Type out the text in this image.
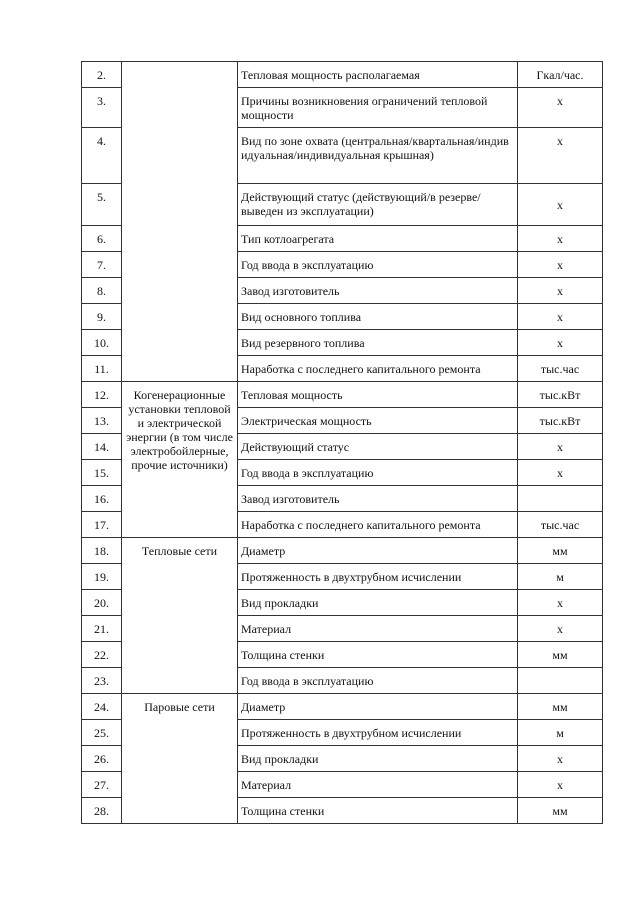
2.		Тепловая мощность располагаемая	Гкал/час.
3.		Причины возникновения ограничений тепловой мощности	х
4.		Вид по зоне охвата (центральная/квартальная/индивидуальная/индивидуальная крышная)	х
5.		Действующий статус (действующий/в резерве/выведен из эксплуатации)	х
6.		Тип котлоагрегата	х
7.		Год ввода в эксплуатацию	х
8.		Завод изготовитель	х
9.		Вид основного топлива	х
10.		Вид резервного топлива	х
11.		Наработка с последнего капитального ремонта	тыс.час
12.	Когенерационные установки тепловой и электрической энергии (в том числе электробойлерные, прочие источники)	Тепловая мощность	тыс.кВт
13.		Электрическая мощность	тыс.кВт
14.		Действующий статус	х
15.		Год ввода в эксплуатацию	х
16.		Завод изготовитель	
17.		Наработка с последнего капитального ремонта	тыс.час
18.	Тепловые сети	Диаметр	мм
19.		Протяженность в двухтрубном исчислении	м
20.		Вид прокладки	х
21.		Материал	х
22.		Толщина стенки	мм
23.		Год ввода в эксплуатацию	
24.	Паровые сети	Диаметр	мм
25.		Протяженность в двухтрубном исчислении	м
26.		Вид прокладки	х
27.		Материал	х
28.		Толщина стенки	мм
